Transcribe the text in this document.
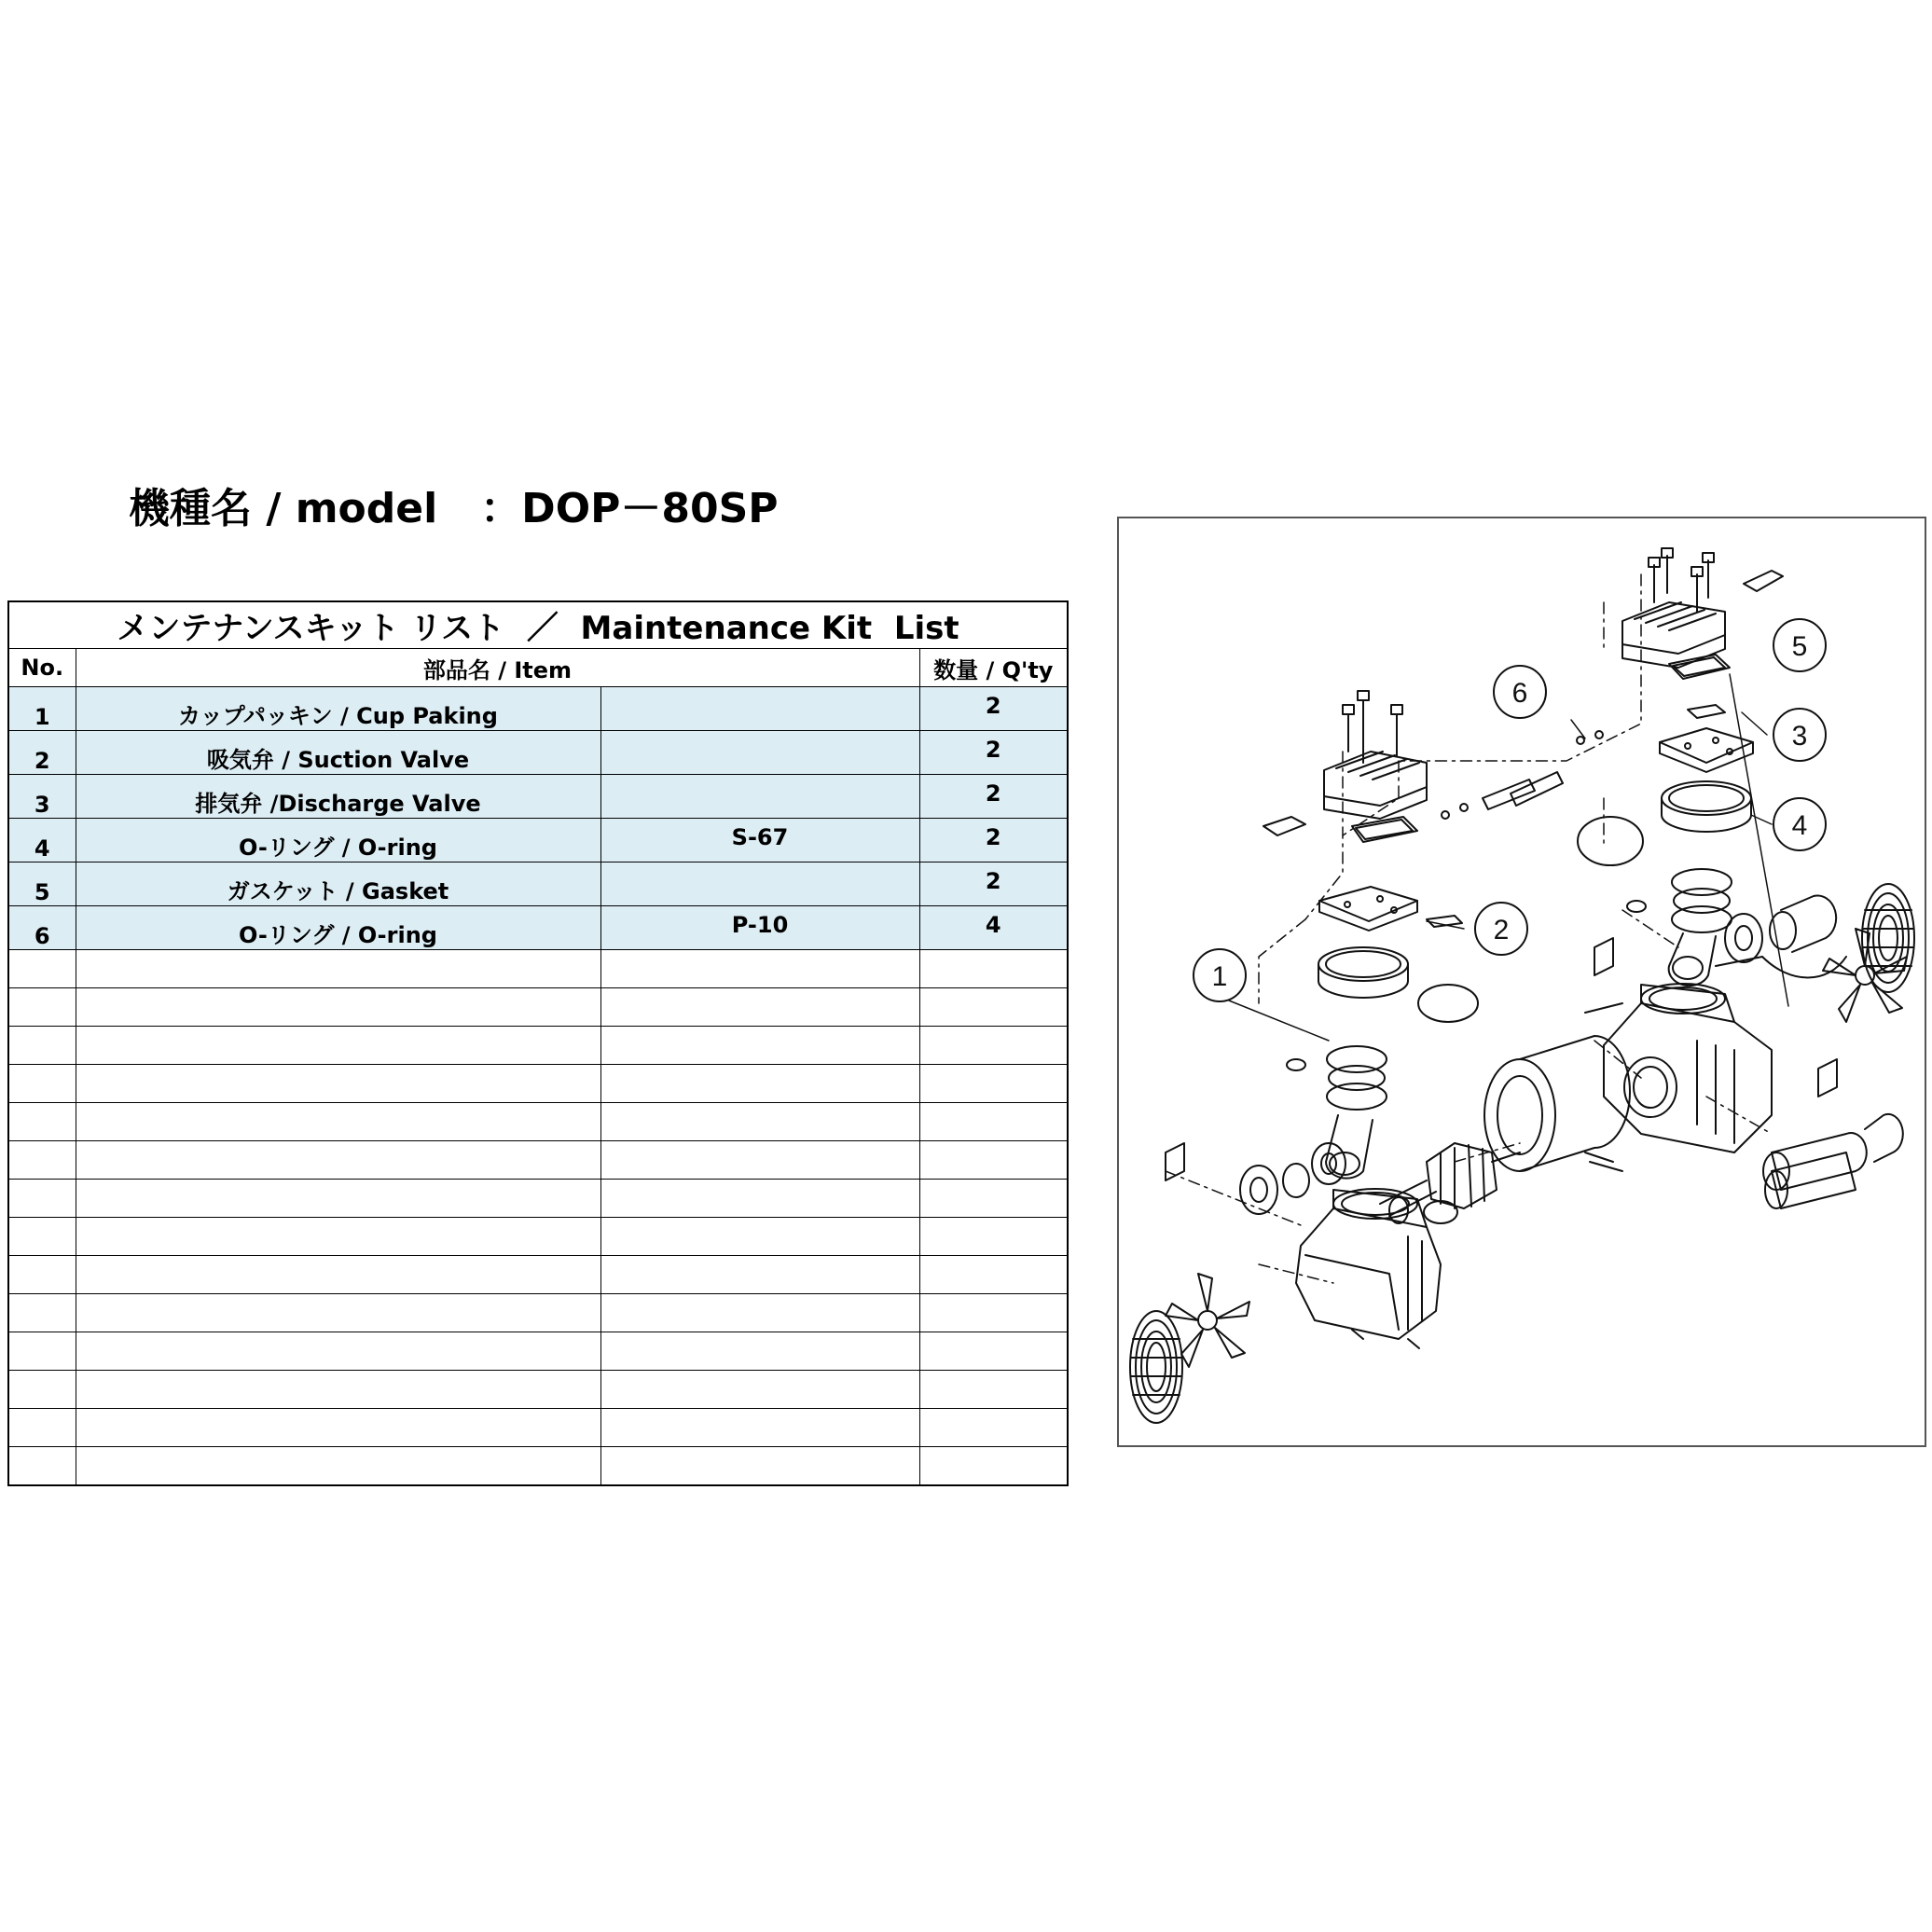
機種名 / model ：DOP－80SP
メンテナンスキット リスト ／ Maintenance Kit  List			
No.	部品名 / Item		数量 / Q'ty
1	カップパッキン / Cup Paking		2
2	吸気弁 / Suction Valve		2
3	排気弁 /Discharge Valve		2
4	O-リング / O-ring	S-67	2
5	ガスケット / Gasket		2
6	O-リング / O-ring	P-10	4

1
2
3
4
5
6
